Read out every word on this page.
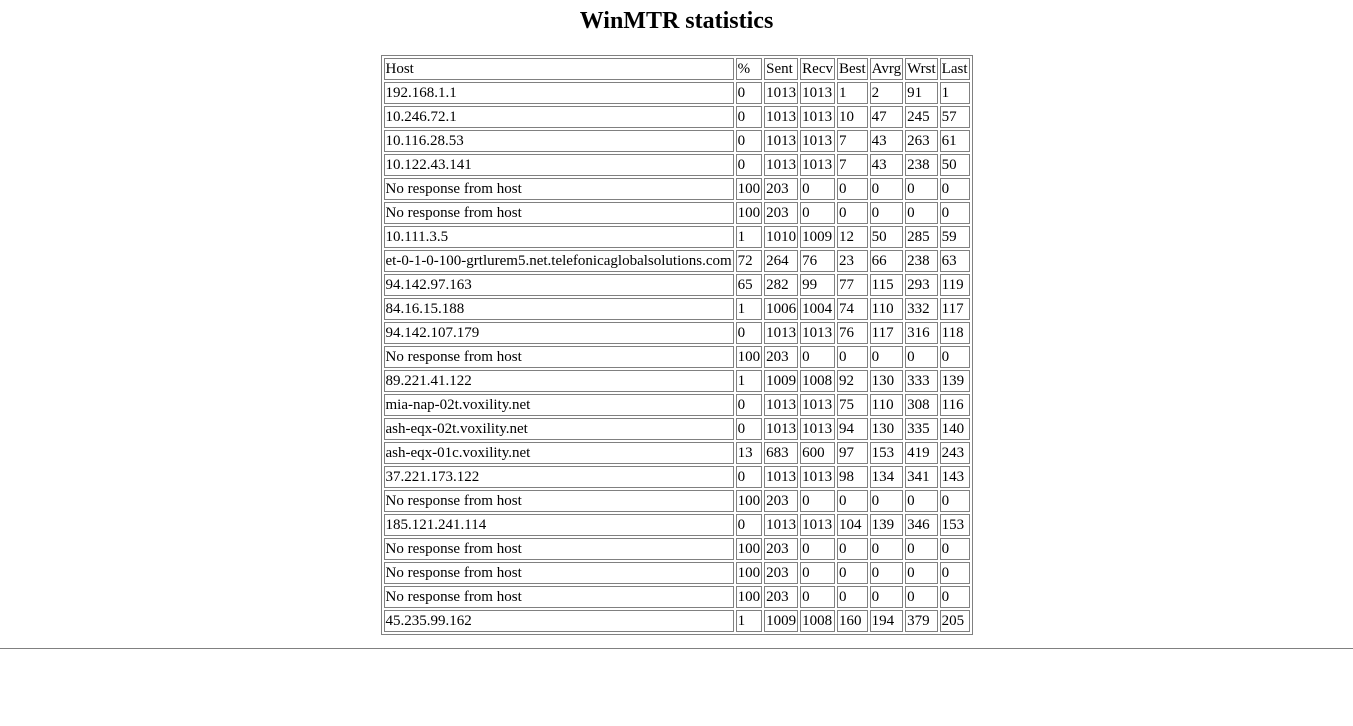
WinMTR statistics
Host	%	Sent	Recv	Best	Avrg	Wrst	Last
192.168.1.1	0	1013	1013	1	2	91	1
10.246.72.1	0	1013	1013	10	47	245	57
10.116.28.53	0	1013	1013	7	43	263	61
10.122.43.141	0	1013	1013	7	43	238	50
No response from host	100	203	0	0	0	0	0
No response from host	100	203	0	0	0	0	0
10.111.3.5	1	1010	1009	12	50	285	59
et-0-1-0-100-grtlurem5.net.telefonicaglobalsolutions.com	72	264	76	23	66	238	63
94.142.97.163	65	282	99	77	115	293	119
84.16.15.188	1	1006	1004	74	110	332	117
94.142.107.179	0	1013	1013	76	117	316	118
No response from host	100	203	0	0	0	0	0
89.221.41.122	1	1009	1008	92	130	333	139
mia-nap-02t.voxility.net	0	1013	1013	75	110	308	116
ash-eqx-02t.voxility.net	0	1013	1013	94	130	335	140
ash-eqx-01c.voxility.net	13	683	600	97	153	419	243
37.221.173.122	0	1013	1013	98	134	341	143
No response from host	100	203	0	0	0	0	0
185.121.241.114	0	1013	1013	104	139	346	153
No response from host	100	203	0	0	0	0	0
No response from host	100	203	0	0	0	0	0
No response from host	100	203	0	0	0	0	0
45.235.99.162	1	1009	1008	160	194	379	205
